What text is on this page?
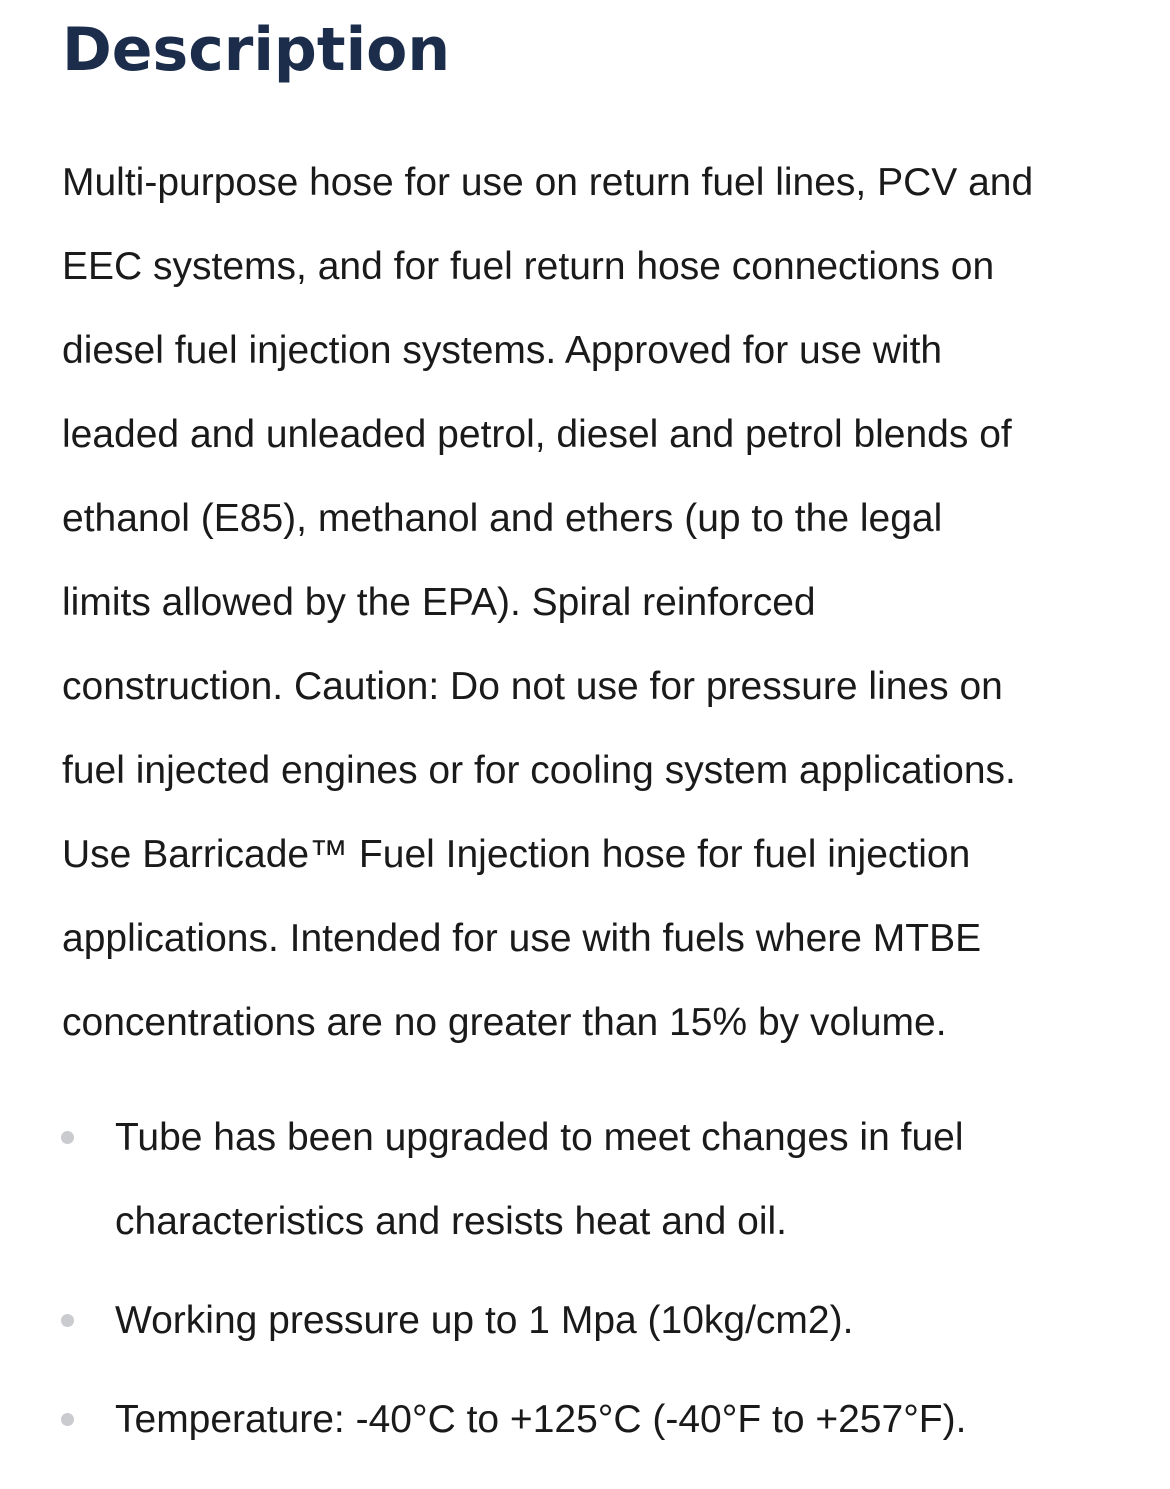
Description

Multi-purpose hose for use on return fuel lines, PCV and
EEC systems, and for fuel return hose connections on
diesel fuel injection systems. Approved for use with
leaded and unleaded petrol, diesel and petrol blends of
ethanol (E85), methanol and ethers (up to the legal
limits allowed by the EPA). Spiral reinforced
construction. Caution: Do not use for pressure lines on
fuel injected engines or for cooling system applications.
Use Barricade™ Fuel Injection hose for fuel injection
applications. Intended for use with fuels where MTBE
concentrations are no greater than 15% by volume.

Tube has been upgraded to meet changes in fuel
characteristics and resists heat and oil.
Working pressure up to 1 Mpa (10kg/cm2).
Temperature: -40°C to +125°C (-40°F to +257°F).
